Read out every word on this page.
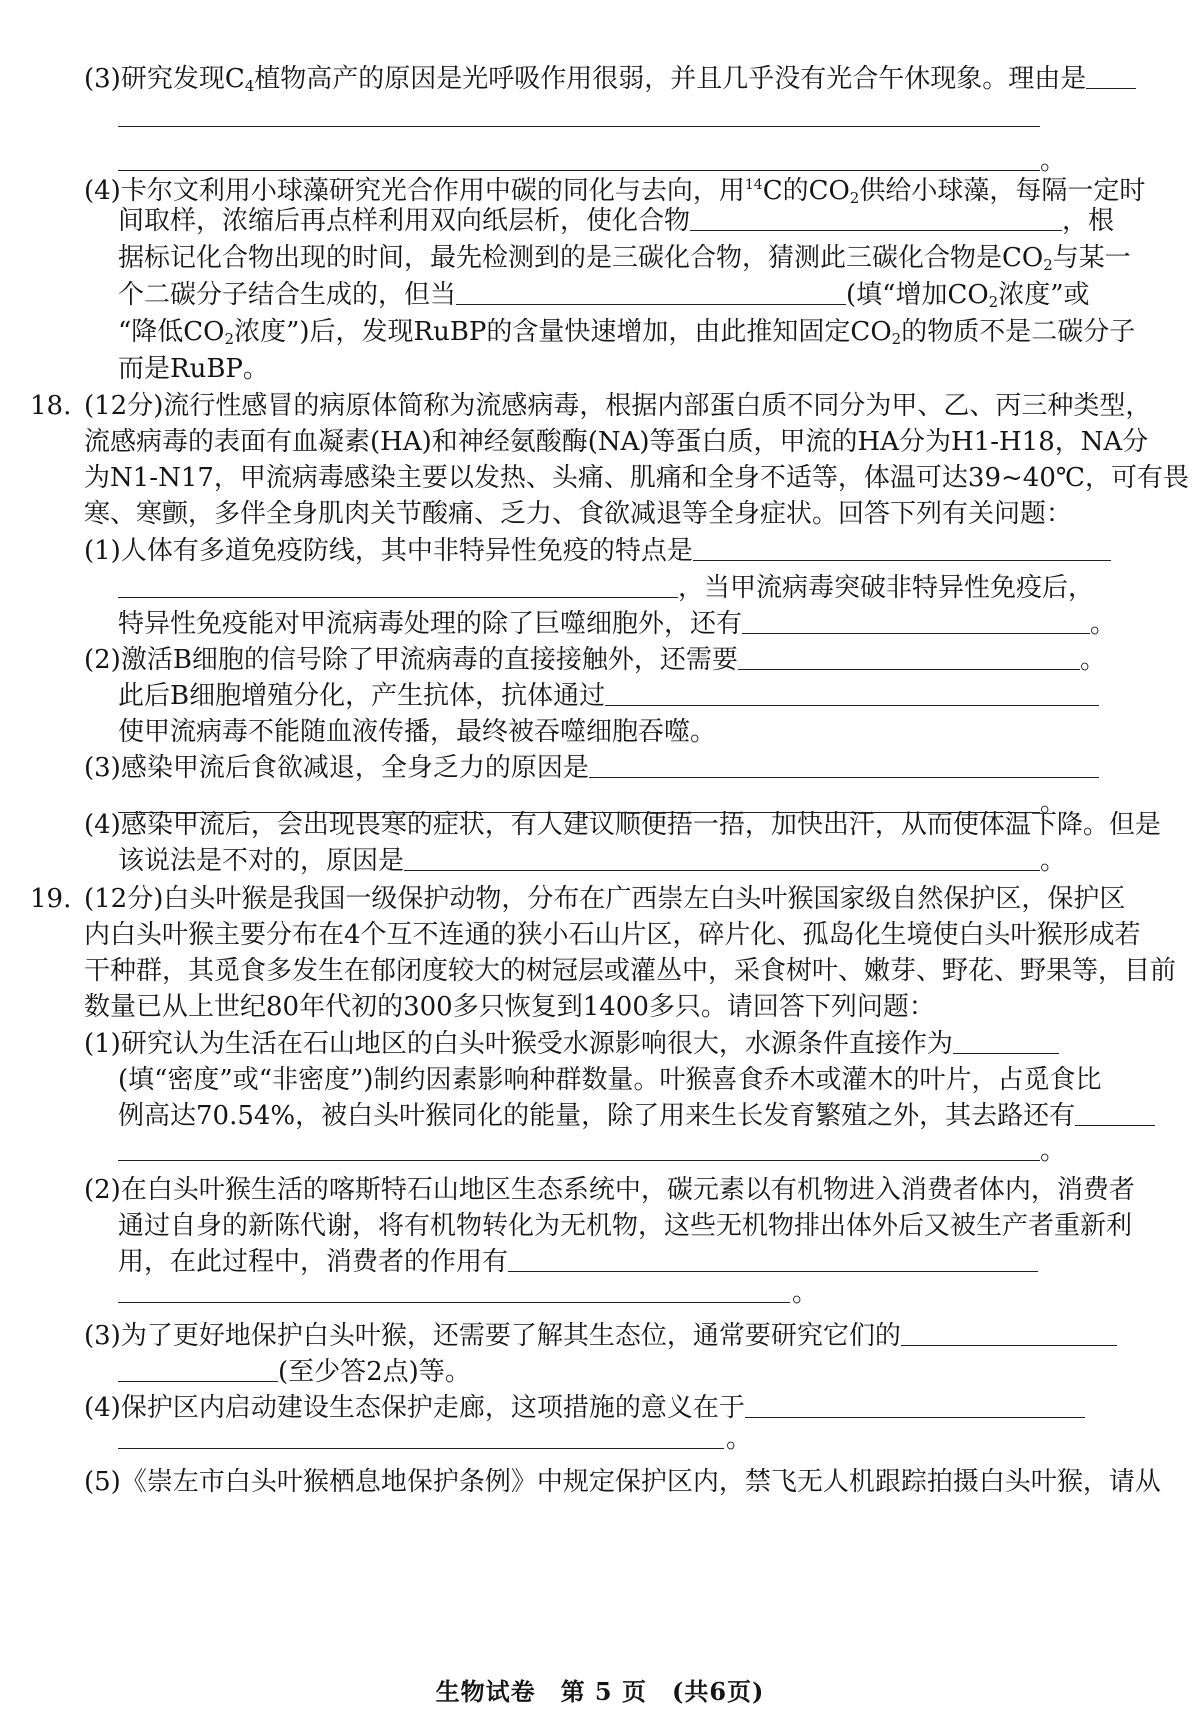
(3)研究发现$C_4$植物高产的原因是光呼吸作用很弱，并且几乎没有光合午休现象。理由是
。
(4)卡尔文利用小球藻研究光合作用中碳的同化与去向，用$^{14}$C的$CO_2$供给小球藻，每隔一定时
间取样，浓缩后再点样利用双向纸层析，使化合物	，根
据标记化合物出现的时间，最先检测到的是三碳化合物，猜测此三碳化合物是$CO_2$与某一
个二碳分子结合生成的，但当	(填“增加$CO_2$浓度”或
“降低$CO_2$浓度”)后，发现RuBP的含量快速增加，由此推知固定$CO_2$的物质不是二碳分子
而是RuBP。
18. (12分)流行性感冒的病原体简称为流感病毒，根据内部蛋白质不同分为甲、乙、丙三种类型，
流感病毒的表面有血凝素(HA)和神经氨酸酶(NA)等蛋白质，甲流的HA分为H1-H18，NA分
为N1-N17，甲流病毒感染主要以发热、头痛、肌痛和全身不适等，体温可达39~40℃，可有畏
寒、寒颤，多伴全身肌肉关节酸痛、乏力、食欲减退等全身症状。回答下列有关问题：
(1)人体有多道免疫防线，其中非特异性免疫的特点是
，当甲流病毒突破非特异性免疫后，
特异性免疫能对甲流病毒处理的除了巨噬细胞外，还有	。
(2)激活B细胞的信号除了甲流病毒的直接接触外，还需要	。
此后B细胞增殖分化，产生抗体，抗体通过
使甲流病毒不能随血液传播，最终被吞噬细胞吞噬。
(3)感染甲流后食欲减退，全身乏力的原因是
。
(4)感染甲流后，会出现畏寒的症状，有人建议顺便捂一捂，加快出汗，从而使体温下降。但是
该说法是不对的，原因是	。
19. (12分)白头叶猴是我国一级保护动物，分布在广西崇左白头叶猴国家级自然保护区，保护区
内白头叶猴主要分布在4个互不连通的狭小石山片区，碎片化、孤岛化生境使白头叶猴形成若
干种群，其觅食多发生在郁闭度较大的树冠层或灌丛中，采食树叶、嫩芽、野花、野果等，目前
数量已从上世纪80年代初的300多只恢复到1400多只。请回答下列问题：
(1)研究认为生活在石山地区的白头叶猴受水源影响很大，水源条件直接作为
(填“密度”或“非密度”)制约因素影响种群数量。叶猴喜食乔木或灌木的叶片，占觅食比
例高达70.54%，被白头叶猴同化的能量，除了用来生长发育繁殖之外，其去路还有
。
(2)在白头叶猴生活的喀斯特石山地区生态系统中，碳元素以有机物进入消费者体内，消费者
通过自身的新陈代谢，将有机物转化为无机物，这些无机物排出体外后又被生产者重新利
用，在此过程中，消费者的作用有
。
(3)为了更好地保护白头叶猴，还需要了解其生态位，通常要研究它们的
(至少答2点)等。
(4)保护区内启动建设生态保护走廊，这项措施的意义在于
。
(5)《崇左市白头叶猴栖息地保护条例》中规定保护区内，禁飞无人机跟踪拍摄白头叶猴，请从
生物试卷　第 5 页　(共6页)
